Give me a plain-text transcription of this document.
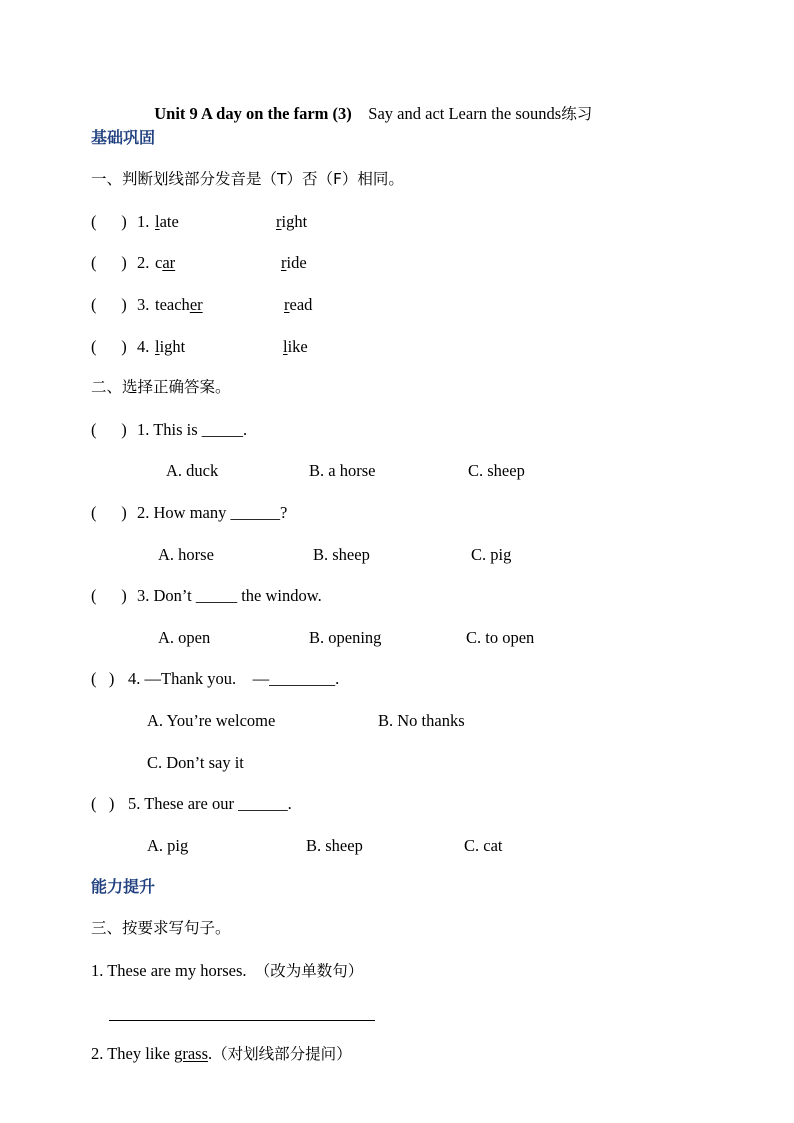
Unit 9 A day on the farm (3) Say and act Learn the sounds练习

基础巩固
一、判断划线部分发音是（T）否（F）相同。
(      ) 1. late	right
(      ) 2. car	ride
(      ) 3. teacher	read
(      ) 4. light	like
二、选择正确答案。
(      ) 1. This is _____.
A. duck	B. a horse	C. sheep
(      ) 2. How many ______?
A. horse	B. sheep	C. pig
(      ) 3. Don’t _____ the window.
A. open	B. opening	C. to open
(   ) 4. —Thank you.    —________.
A. You’re welcome	B. No thanks
C. Don’t say it
(   ) 5. These are our ______.
A. pig	B. sheep	C. cat
能力提升
三、按要求写句子。
1. These are my horses. （改为单数句）
2. They like grass.（对划线部分提问）
